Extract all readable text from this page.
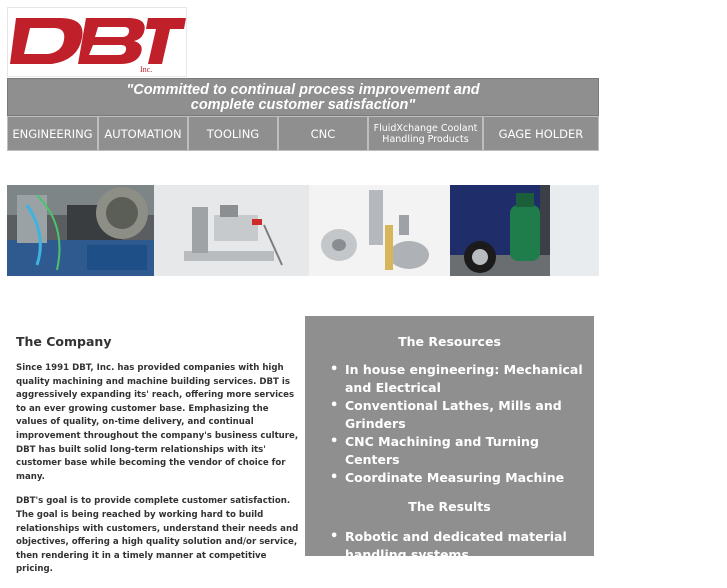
Inc.
"Committed to continual process improvement and
complete customer satisfaction"
ENGINEERING	AUTOMATION	TOOLING	CNC	FluidXchange Coolant
Handling Products	GAGE HOLDER
The Company

Since 1991 DBT, Inc. has provided companies with high quality machining and machine building services. DBT is aggressively expanding its' reach, offering more services to an ever growing customer base. Emphasizing the values of quality, on-time delivery, and continual improvement throughout the company's business culture, DBT has built solid long-term relationships with its' customer base while becoming the vendor of choice for many.

DBT's goal is to provide complete customer satisfaction. The goal is being reached by working hard to build relationships with customers, understand their needs and objectives, offering a high quality solution and/or service, then rendering it in a timely manner at competitive pricing.

The Resources
• In house engineering: Mechanical and Electrical
• Conventional Lathes, Mills and Grinders
• CNC Machining and Turning Centers
• Coordinate Measuring Machine
The Results
• Robotic and dedicated material handling systems
